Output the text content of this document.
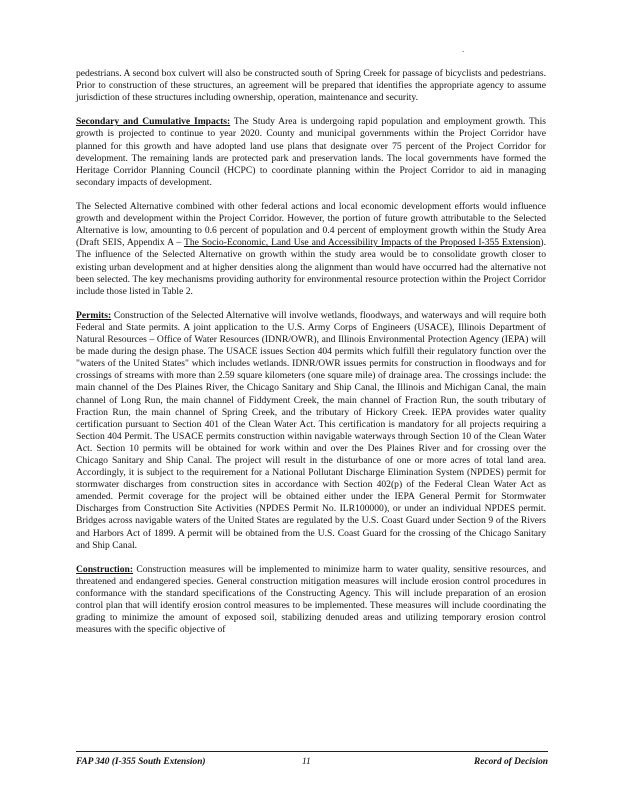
.

pedestrians. A second box culvert will also be constructed south of Spring Creek for passage of bicyclists and pedestrians. Prior to construction of these structures, an agreement will be prepared that identifies the appropriate agency to assume jurisdiction of these structures including ownership, operation, maintenance and security.

Secondary and Cumulative Impacts: The Study Area is undergoing rapid population and employment growth. This growth is projected to continue to year 2020. County and municipal governments within the Project Corridor have planned for this growth and have adopted land use plans that designate over 75 percent of the Project Corridor for development. The remaining lands are protected park and preservation lands. The local governments have formed the Heritage Corridor Planning Council (HCPC) to coordinate planning within the Project Corridor to aid in managing secondary impacts of development.

The Selected Alternative combined with other federal actions and local economic development efforts would influence growth and development within the Project Corridor. However, the portion of future growth attributable to the Selected Alternative is low, amounting to 0.6 percent of population and 0.4 percent of employment growth within the Study Area (Draft SEIS, Appendix A – The Socio-Economic, Land Use and Accessibility Impacts of the Proposed I-355 Extension). The influence of the Selected Alternative on growth within the study area would be to consolidate growth closer to existing urban development and at higher densities along the alignment than would have occurred had the alternative not been selected. The key mechanisms providing authority for environmental resource protection within the Project Corridor include those listed in Table 2.

Permits: Construction of the Selected Alternative will involve wetlands, floodways, and waterways and will require both Federal and State permits. A joint application to the U.S. Army Corps of Engineers (USACE), Illinois Department of Natural Resources – Office of Water Resources (IDNR/OWR), and Illinois Environmental Protection Agency (IEPA) will be made during the design phase. The USACE issues Section 404 permits which fulfill their regulatory function over the "waters of the United States" which includes wetlands. IDNR/OWR issues permits for construction in floodways and for crossings of streams with more than 2.59 square kilometers (one square mile) of drainage area. The crossings include: the main channel of the Des Plaines River, the Chicago Sanitary and Ship Canal, the Illinois and Michigan Canal, the main channel of Long Run, the main channel of Fiddyment Creek, the main channel of Fraction Run, the south tributary of Fraction Run, the main channel of Spring Creek, and the tributary of Hickory Creek. IEPA provides water quality certification pursuant to Section 401 of the Clean Water Act. This certification is mandatory for all projects requiring a Section 404 Permit. The USACE permits construction within navigable waterways through Section 10 of the Clean Water Act. Section 10 permits will be obtained for work within and over the Des Plaines River and for crossing over the Chicago Sanitary and Ship Canal. The project will result in the disturbance of one or more acres of total land area. Accordingly, it is subject to the requirement for a National Pollutant Discharge Elimination System (NPDES) permit for stormwater discharges from construction sites in accordance with Section 402(p) of the Federal Clean Water Act as amended. Permit coverage for the project will be obtained either under the IEPA General Permit for Stormwater Discharges from Construction Site Activities (NPDES Permit No. ILR100000), or under an individual NPDES permit. Bridges across navigable waters of the United States are regulated by the U.S. Coast Guard under Section 9 of the Rivers and Harbors Act of 1899. A permit will be obtained from the U.S. Coast Guard for the crossing of the Chicago Sanitary and Ship Canal.

Construction: Construction measures will be implemented to minimize harm to water quality, sensitive resources, and threatened and endangered species. General construction mitigation measures will include erosion control procedures in conformance with the standard specifications of the Constructing Agency. This will include preparation of an erosion control plan that will identify erosion control measures to be implemented. These measures will include coordinating the grading to minimize the amount of exposed soil, stabilizing denuded areas and utilizing temporary erosion control measures with the specific objective of

FAP 340 (I-355 South Extension)	11	Record of Decision
